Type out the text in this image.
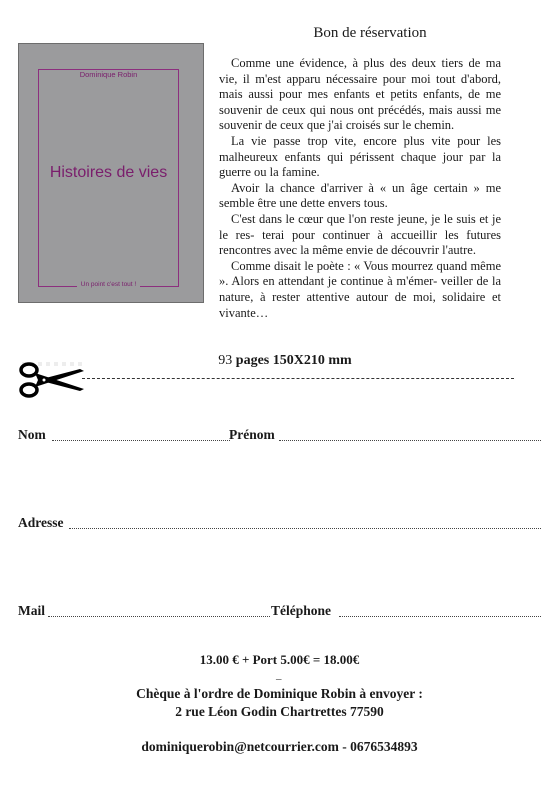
Bon de réservation
Dominique Robin
Histoires de vies
Un point c'est tout !

Comme une évidence, à plus des deux tiers de ma vie, il m'est apparu nécessaire pour moi tout d'abord, mais aussi pour mes enfants et petits enfants, de me souvenir de ceux qui nous ont précédés, mais aussi me souvenir de ceux que j'ai croisés sur le chemin.

La vie passe trop vite, encore plus vite pour les malheureux enfants qui périssent chaque jour par la guerre ou la famine.

Avoir la chance d'arriver à « un âge certain » me semble être une dette envers tous.

C'est dans le cœur que l'on reste jeune, je le suis et je le res- terai pour continuer à accueillir les futures rencontres avec la même envie de découvrir l'autre.

Comme disait le poète : « Vous mourrez quand même ». Alors en attendant je continue à m'émer- veiller de la nature, à rester attentive autour de moi, solidaire et vivante…

93 pages 150X210 mm
Nom	Prénom
Adresse
Mail	Téléphone
13.00 € + Port 5.00€ = 18.00€
–
Chèque à l'ordre de Dominique Robin à envoyer :
2 rue Léon Godin Chartrettes 77590
dominiquerobin@netcourrier.com - 0676534893
